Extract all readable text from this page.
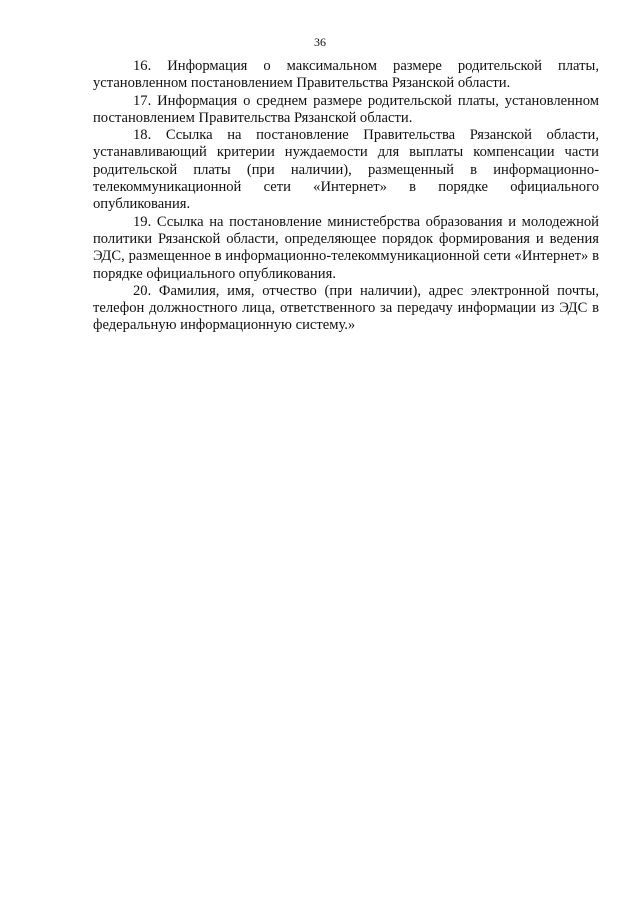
36

16. Информация о максимальном размере родительской платы, установленном постановлением Правительства Рязанской области.

17. Информация о среднем размере родительской платы, установленном постановлением Правительства Рязанской области.

18. Ссылка на постановление Правительства Рязанской области, устанавливающий критерии нуждаемости для выплаты компенсации части родительской платы (при наличии), размещенный в информационно-телекоммуникационной сети «Интернет» в порядке официального опубликования.

19. Ссылка на постановление министебрства образования и молодежной политики Рязанской области, определяющее порядок формирования и ведения ЭДС, размещенное в информационно-телекоммуникационной сети «Интернет» в порядке официального опубликования.

20. Фамилия, имя, отчество (при наличии), адрес электронной почты, телефон должностного лица, ответственного за передачу информации из ЭДС в федеральную информационную систему.»
